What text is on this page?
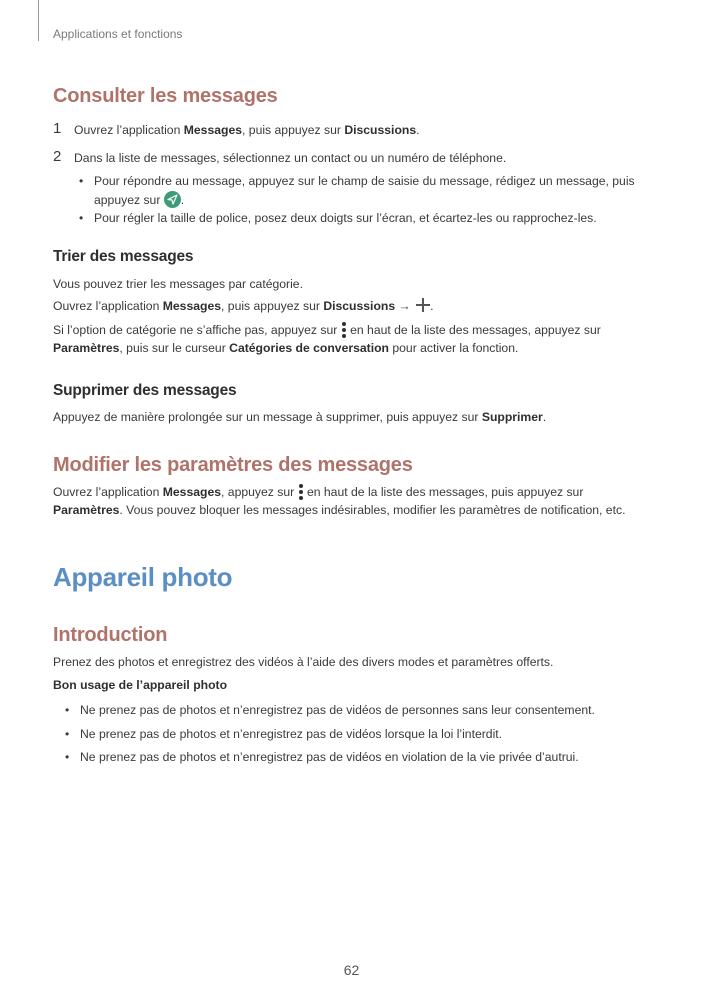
Applications et fonctions
Consulter les messages
1 Ouvrez l’application Messages, puis appuyez sur Discussions.
2 Dans la liste de messages, sélectionnez un contact ou un numéro de téléphone.
• Pour répondre au message, appuyez sur le champ de saisie du message, rédigez un message, puis
appuyez sur
.
• Pour régler la taille de police, posez deux doigts sur l’écran, et écartez-les ou rapprochez-les.
Trier des messages
Vous pouvez trier les messages par catégorie.
Ouvrez l’application Messages, puis appuyez sur Discussions → .
Si l’option de catégorie ne s’affiche pas, appuyez sur
en haut de la liste des messages, appuyez sur
Paramètres, puis sur le curseur Catégories de conversation pour activer la fonction.
Supprimer des messages
Appuyez de manière prolongée sur un message à supprimer, puis appuyez sur Supprimer.
Modifier les paramètres des messages
Ouvrez l’application Messages, appuyez sur
en haut de la liste des messages, puis appuyez sur
Paramètres. Vous pouvez bloquer les messages indésirables, modifier les paramètres de notification, etc.
Appareil photo
Introduction
Prenez des photos et enregistrez des vidéos à l’aide des divers modes et paramètres offerts.
Bon usage de l’appareil photo
• Ne prenez pas de photos et n’enregistrez pas de vidéos de personnes sans leur consentement.
• Ne prenez pas de photos et n’enregistrez pas de vidéos lorsque la loi l’interdit.
• Ne prenez pas de photos et n’enregistrez pas de vidéos en violation de la vie privée d’autrui.
62
